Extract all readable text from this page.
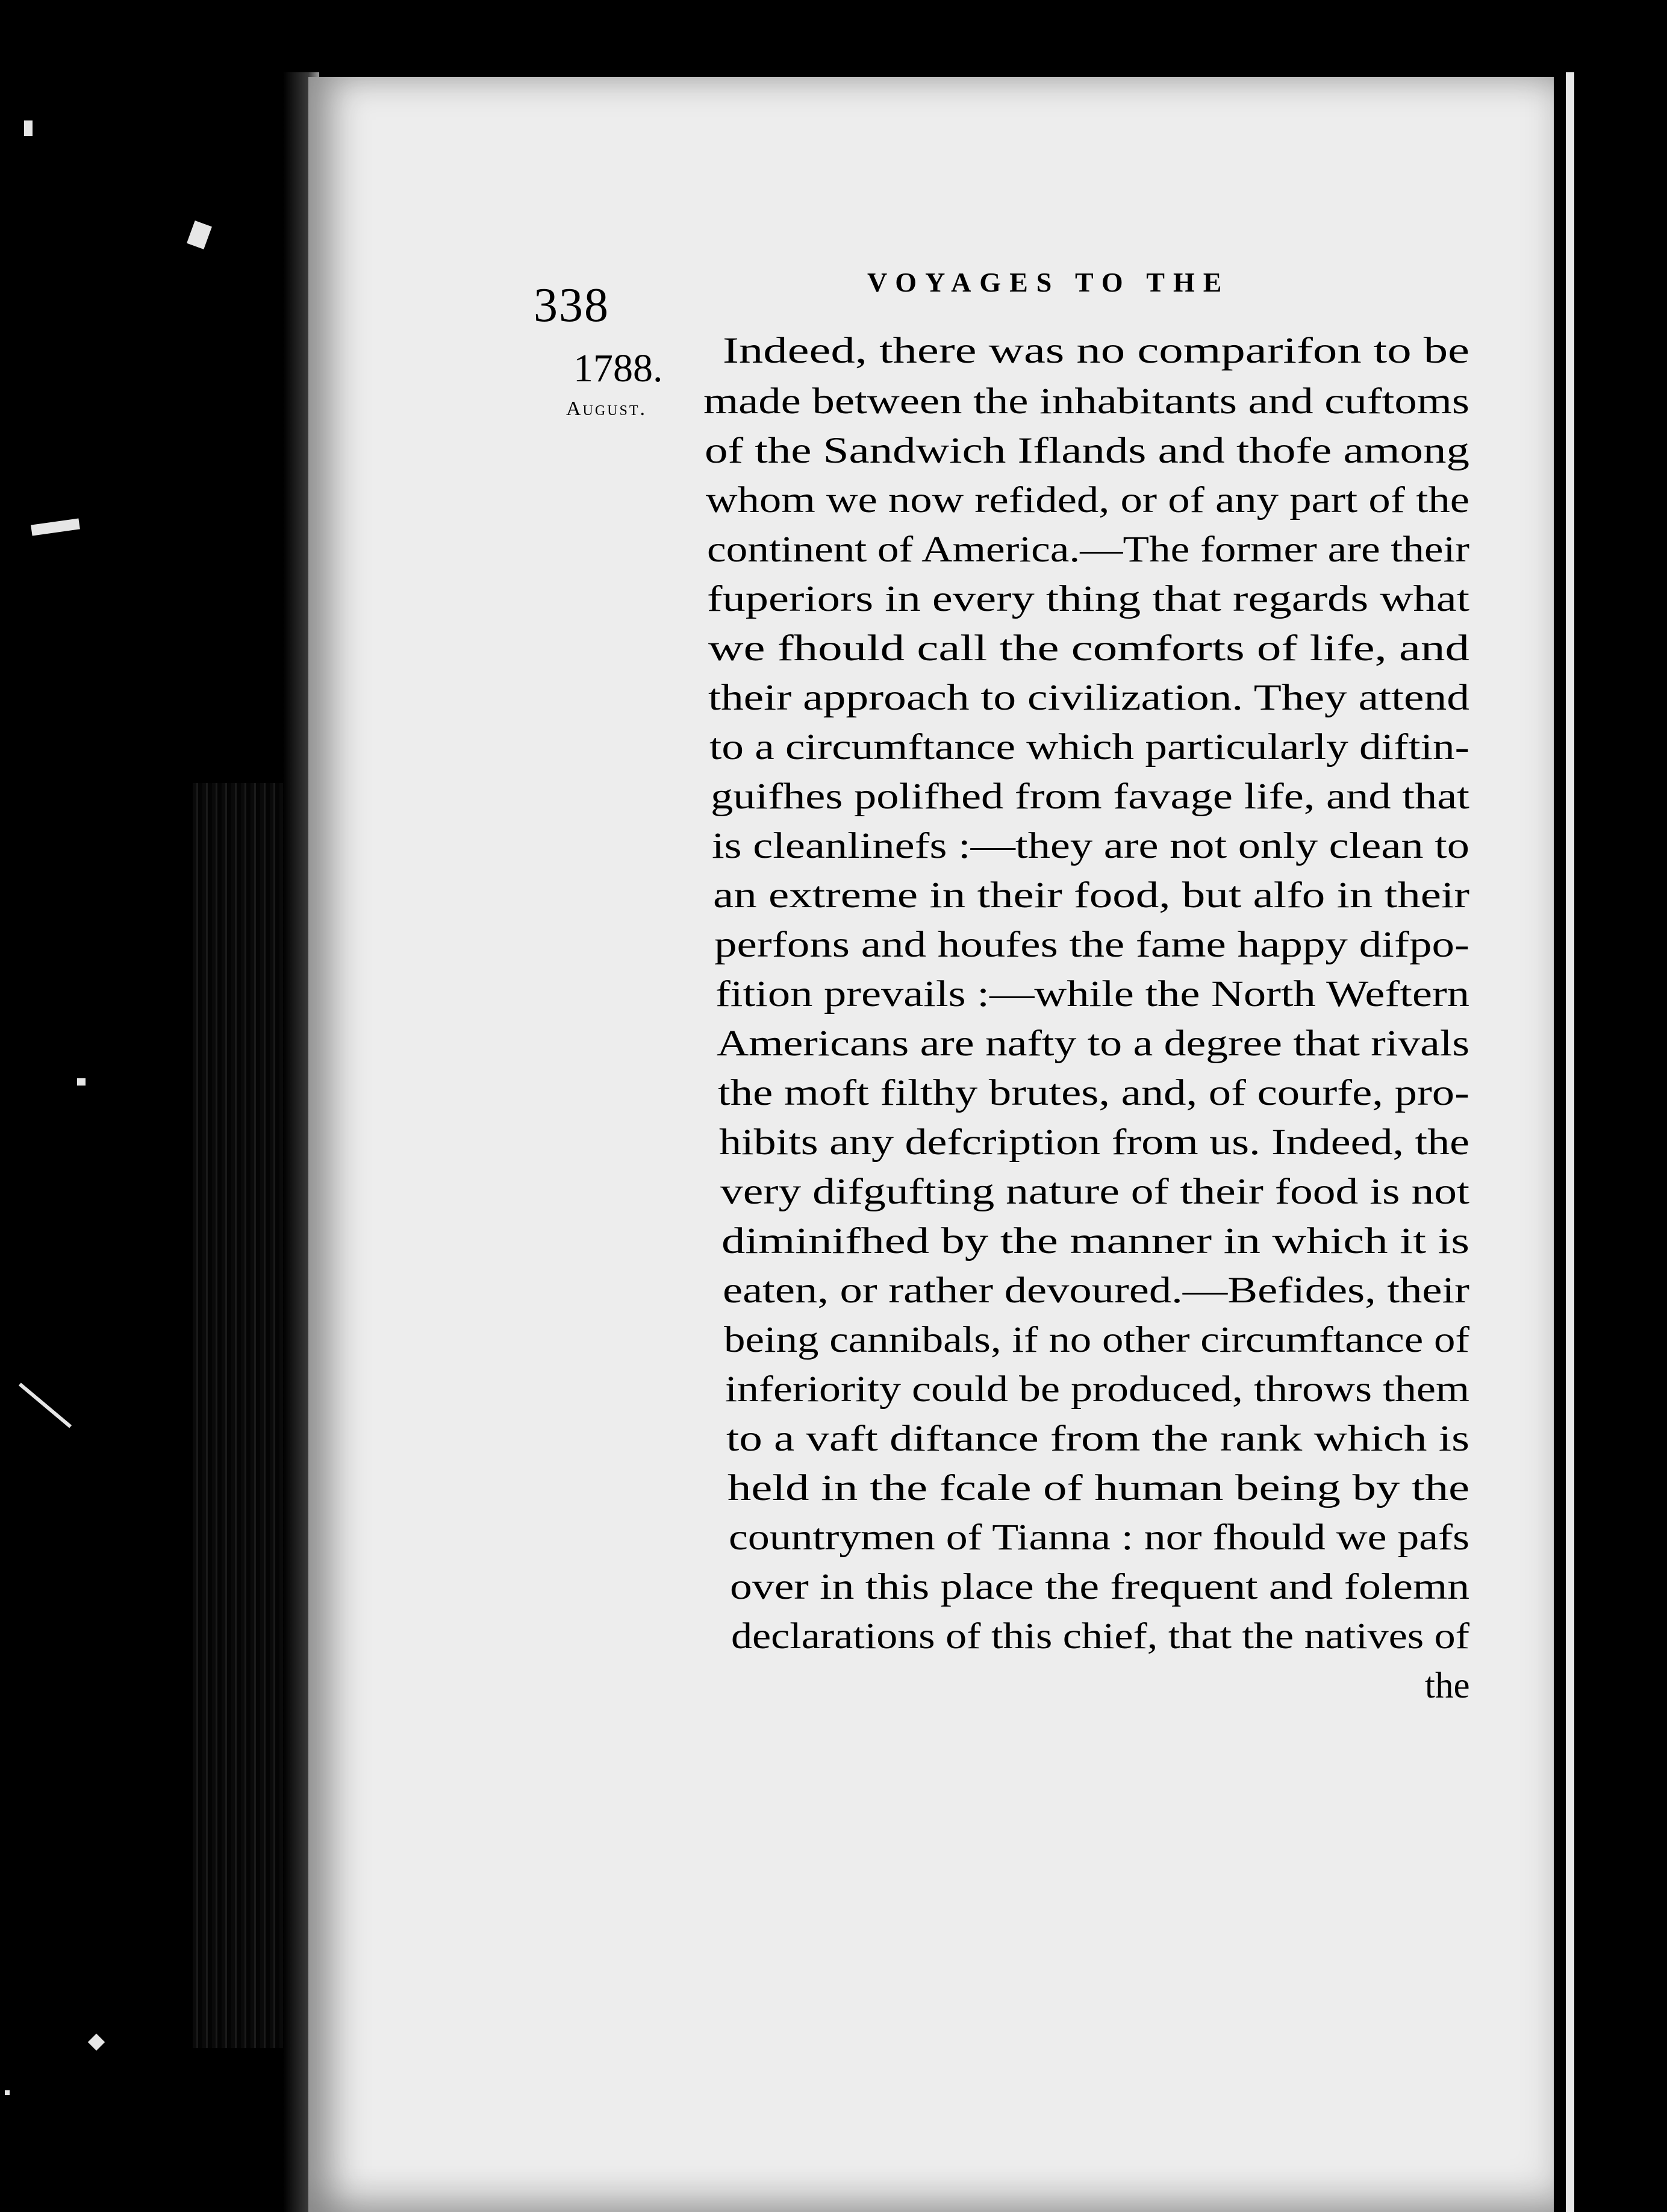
338	VOYAGES TO THE
1788.
August.
Indeed, there was no comparifon to be
made between the inhabitants and cuftoms
of the Sandwich Iflands and thofe among
whom we now refided, or of any part of the
continent of America.—The former are their
fuperiors in every thing that regards what
we fhould call the comforts of life, and
their approach to civilization. They attend
to a circumftance which particularly diftin-
guifhes polifhed from favage life, and that
is cleanlinefs :—they are not only clean to
an extreme in their food, but alfo in their
perfons and houfes the fame happy difpo-
fition prevails :—while the North Weftern
Americans are nafty to a degree that rivals
the moft filthy brutes, and, of courfe, pro-
hibits any defcription from us. Indeed, the
very difgufting nature of their food is not
diminifhed by the manner in which it is
eaten, or rather devoured.—Befides, their
being cannibals, if no other circumftance of
inferiority could be produced, throws them
to a vaft diftance from the rank which is
held in the fcale of human being by the
countrymen of Tianna : nor fhould we pafs
over in this place the frequent and folemn
declarations of this chief, that the natives of
the
